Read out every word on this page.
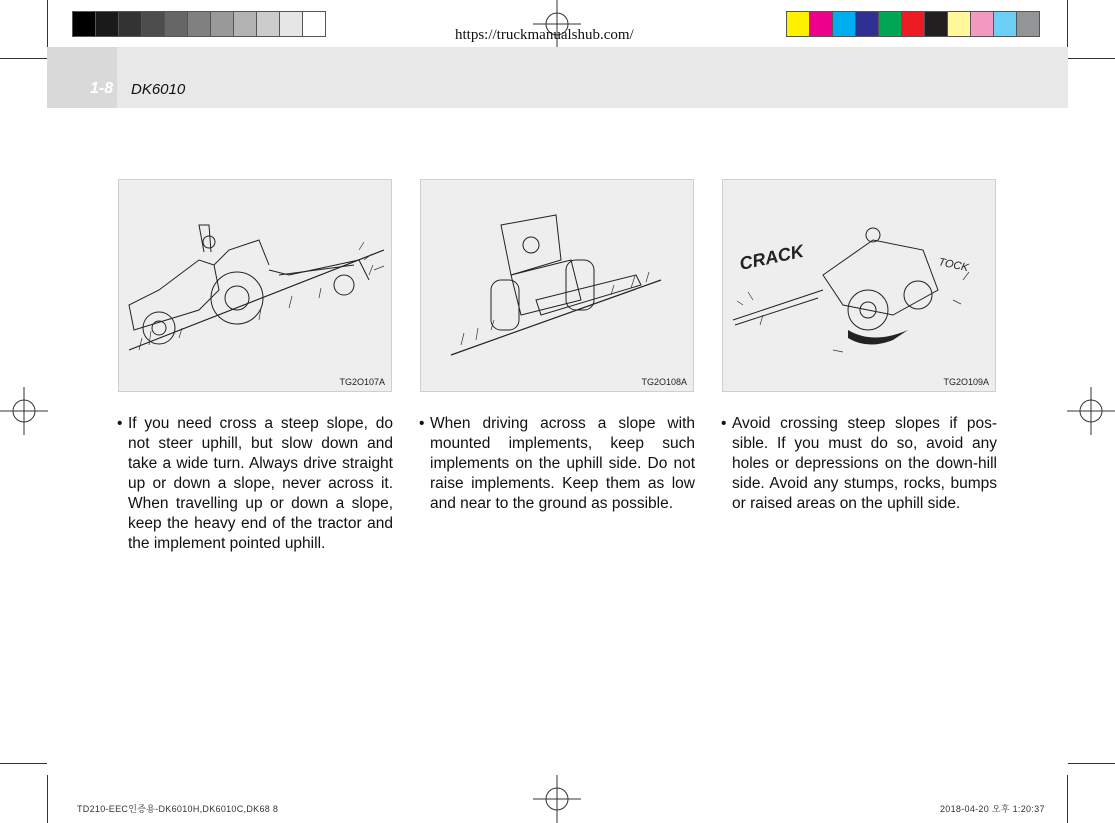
https://truckmanualshub.com/
1-8 DK6010
TG2O107A	TG2O108A
CRACK	TOCK
TG2O109A
• If you need cross a steep slope, do not steer uphill, but slow down and take a wide turn. Always drive straight up or down a slope, never across it. When travelling up or down a slope, keep the heavy end of the tractor and the implement pointed uphill.
• When driving across a slope with mounted implements, keep such implements on the uphill side. Do not raise implements. Keep them as low and near to the ground as possible.
• Avoid crossing steep slopes if pos-sible. If you must do so, avoid any holes or depressions on the down-hill side. Avoid any stumps, rocks, bumps or raised areas on the uphill side.
TD210-EEC인증용-DK6010H,DK6010C,DK68 8	2018-04-20 오후 1:20:37
